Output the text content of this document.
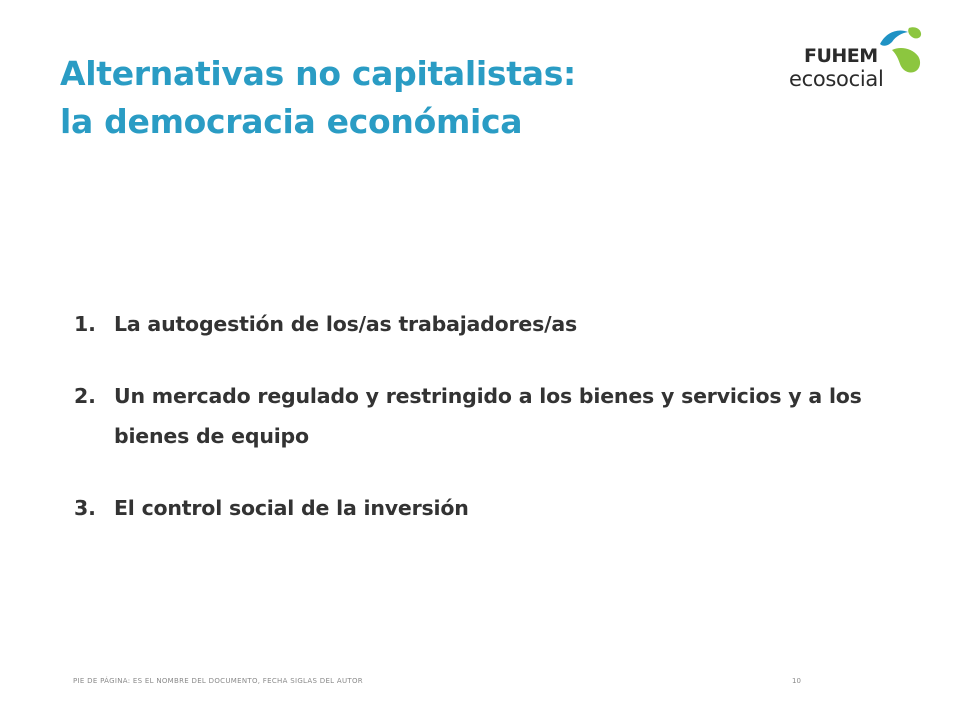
Alternativas no capitalistas:
la democracia económica
FUHEM
ecosocial
1. La autogestión de los/as trabajadores/as
2. Un mercado regulado y restringido a los bienes y servicios y a los bienes de equipo
3. El control social de la inversión
PIE DE PÁGINA: ES EL NOMBRE DEL DOCUMENTO, FECHA SIGLAS DEL AUTOR	10
